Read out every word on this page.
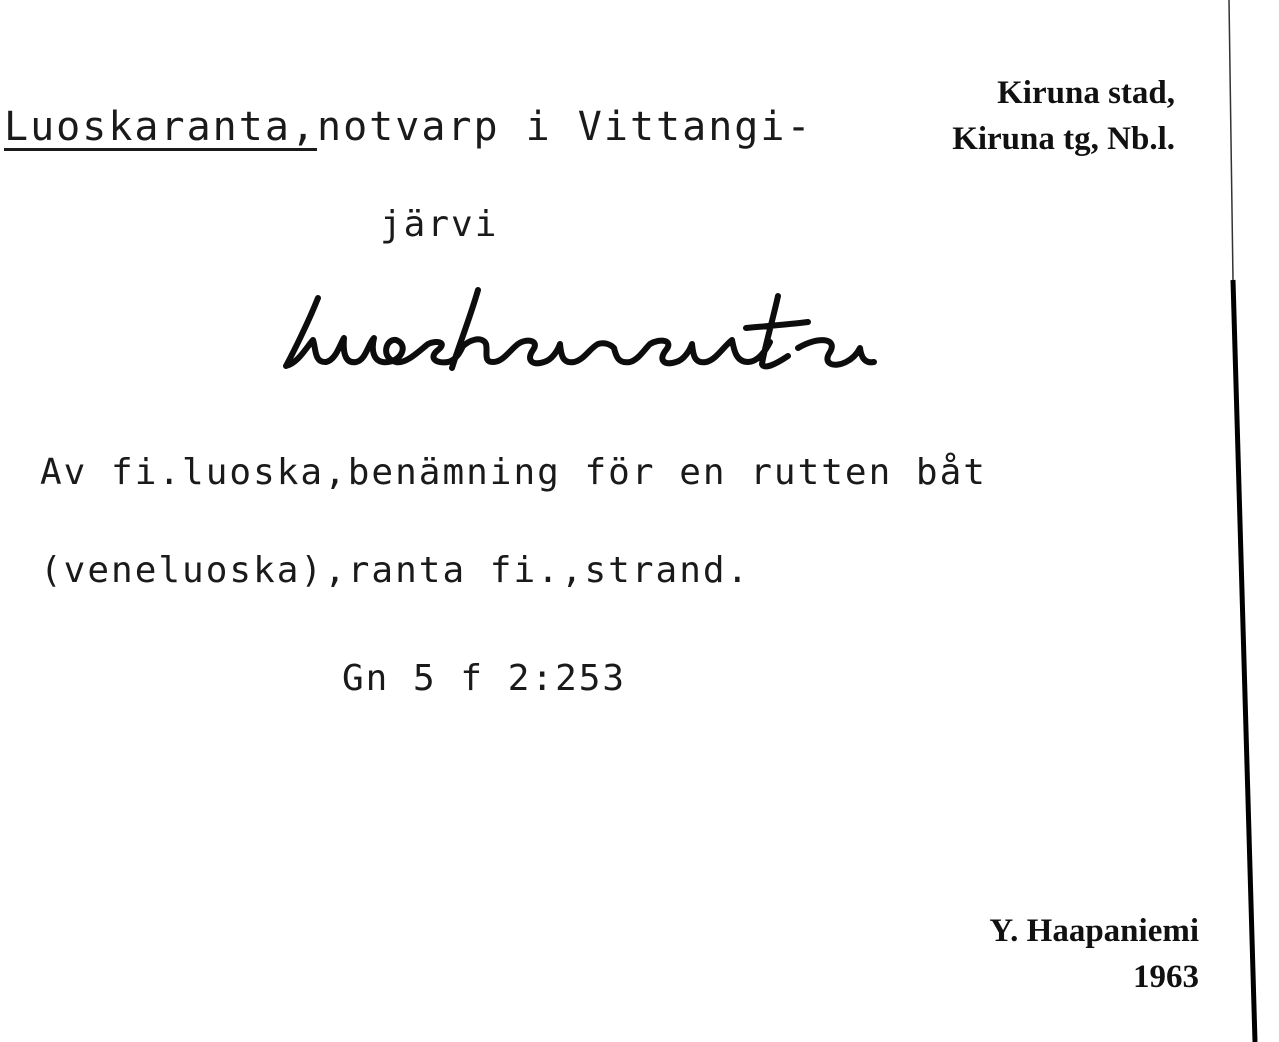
Luoskaranta,notvarp i Vittangi-
järvi
Kiruna stad,
Kiruna tg, Nb.l.
Av fi.luoska,benämning för en rutten båt
(veneluoska),ranta fi.,strand.
Gn 5 f 2:253
Y. Haapaniemi
1963
